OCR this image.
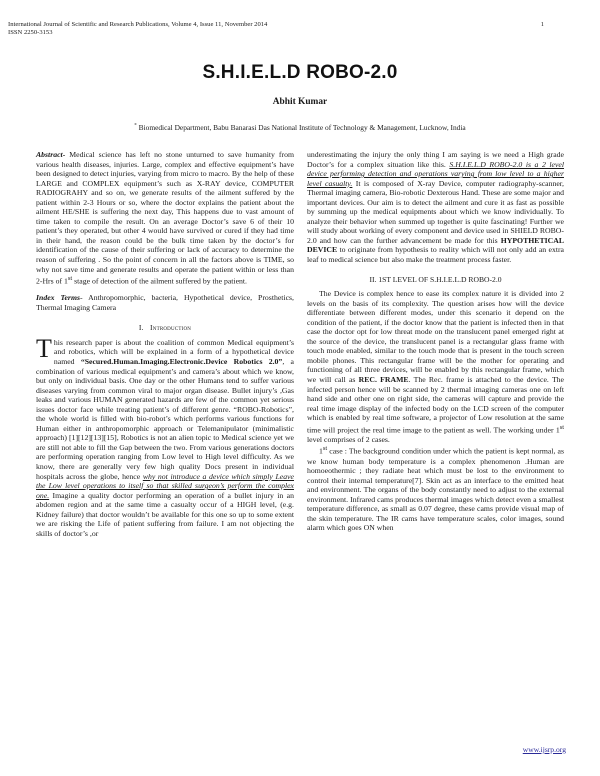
International Journal of Scientific and Research Publications, Volume 4, Issue 11, November 2014
ISSN 2250-3153
1
S.H.I.E.L.D ROBO-2.0
Abhit Kumar
* Biomedical Department, Babu Banarasi Das National Institute of Technology & Management, Lucknow, India

Abstract- Medical science has left no stone unturned to save humanity from various health diseases, injuries. Large, complex and effective equipment’s have been designed to detect injuries, varying from micro to macro. By the help of these LARGE and COMPLEX equipment’s such as X-RAY device, COMPUTER RADIOGRAHY and so on, we generate results of the ailment suffered by the patient within 2-3 Hours or so, where the doctor explains the patient about the ailment HE/SHE is suffering the next day, This happens due to vast amount of time taken to compile the result. On an average Doctor’s save 6 of their 10 patient’s they operated, but other 4 would have survived or cured if they had time in their hand, the reason could be the bulk time taken by the doctor’s for identification of the cause of their suffering or lack of accuracy to determine the reason of suffering . So the point of concern in all the factors above is TIME, so why not save time and generate results and operate the patient within or less than 2-Hrs of 1st stage of detection of the ailment suffered by the patient.

Index Terms- Anthropomorphic, bacteria, Hypothetical device, Prosthetics, Thermal Imaging Camera

I. Introduction

This research paper is about the coalition of common Medical equipment’s and robotics, which will be explained in a form of a hypothetical device named “Secured.Human.Imaging.Electronic.Device Robotics 2.0”, a combination of various medical equipment’s and camera’s about which we know, but only on individual basis. One day or the other Humans tend to suffer various diseases varying from common viral to major organ disease. Bullet injury’s ,Gas leaks and various HUMAN generated hazards are few of the common yet serious issues doctor face while treating patient’s of different genre. “ROBO-Robotics”, the whole world is filled with bio-robot’s which performs various functions for Human either in anthropomorphic approach or Telemanipulator (minimalistic approach) [1][12][13][15], Robotics is not an alien topic to Medical science yet we are still not able to fill the Gap between the two. From various generations doctors are performing operation ranging from Low level to High level difficulty. As we know, there are generally very few high quality Docs present in individual hospitals across the globe, hence why not introduce a device which simply Leave the Low level operations to itself so that skilled surgeon’s perform the complex one. Imagine a quality doctor performing an operation of a bullet injury in an abdomen region and at the same time a casualty occur of a HIGH level, (e.g. Kidney failure) that doctor wouldn’t be available for this one so up to some extent we are risking the Life of patient suffering from failure. I am not objecting the skills of doctor’s ,or

underestimating the injury the only thing I am saying is we need a High grade Doctor’s for a complex situation like this. S.H.I.E.L.D ROBO-2.0 is a 2 level device performing detection and operations varying from low level to a higher level casualty. It is composed of X-ray Device, computer radiography-scanner, Thermal imaging camera, Bio-robotic Dexterous Hand. These are some major and important devices. Our aim is to detect the ailment and cure it as fast as possible by summing up the medical equipments about which we know individually. To analyze their behavior when summed up together is quite fascinating! Further we will study about working of every component and device used in SHIELD ROBO-2.0 and how can the further advancement be made for this HYPOTHETICAL DEVICE to originate from hypothesis to reality which will not only add an extra leaf to medical science but also make the treatment process faster.

II. 1ST LEVEL OF S.H.I.E.L.D ROBO-2.0

The Device is complex hence to ease its complex nature it is divided into 2 levels on the basis of its complexity. The question arises how will the device differentiate between different modes, under this scenario it depend on the condition of the patient, if the doctor know that the patient is infected then in that case the doctor opt for low threat mode on the translucent panel emerged right at the source of the device, the translucent panel is a rectangular glass frame with touch mode enabled, similar to the touch mode that is present in the touch screen mobile phones. This rectangular frame will be the mother for operating and functioning of all three devices, will be enabled by this rectangular frame, which we will call as REC. FRAME. The Rec. frame is attached to the device. The infected person hence will be scanned by 2 thermal imaging cameras one on left hand side and other one on right side, the cameras will capture and provide the real time image display of the infected body on the LCD screen of the computer which is enabled by real time software, a projector of Low resolution at the same time will project the real time image to the patient as well. The working under 1st level comprises of 2 cases.

1st case : The background condition under which the patient is kept normal, as we know human body temperature is a complex phenomenon .Human are homoeothermic ; they radiate heat which must be lost to the environment to control their internal temperature[7]. Skin act as an interface to the emitted heat and environment. The organs of the body constantly need to adjust to the external environment. Infrared cams produces thermal images which detect even a smallest temperature difference, as small as 0.07 degree, these cams provide visual map of the skin temperature. The IR cams have temperature scales, color images, sound alarm which goes ON when

www.ijsrp.org
